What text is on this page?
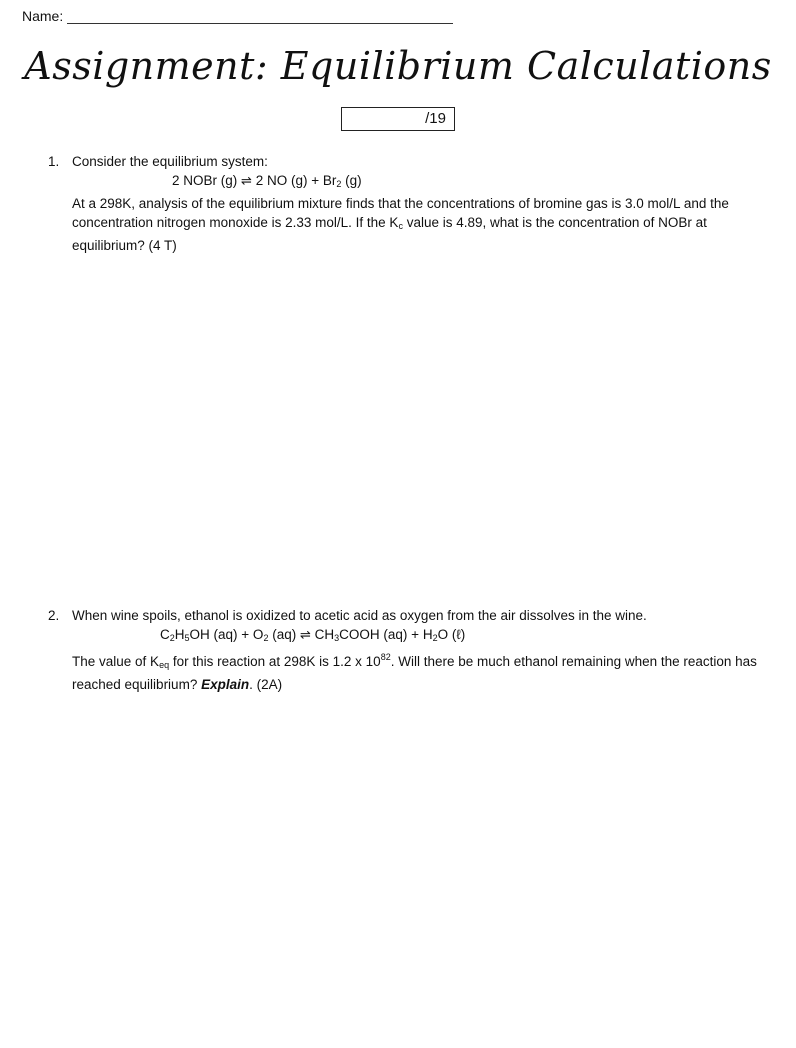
Name:
Assignment: Equilibrium Calculations
/19
1. Consider the equilibrium system:
2 NOBr (g) ⇌ 2 NO $(g) + Br_2$ (g)
At a 298K, analysis of the equilibrium mixture finds that the concentrations of bromine gas is 3.0 mol/L and the concentration nitrogen monoxide is 2.33 mol/L. If the $K_c$ value is 4.89, what is the concentration of NOBr at equilibrium? (4 T)
2. When wine spoils, ethanol is oxidized to acetic acid as oxygen from the air dissolves in the wine.
$C_2H_5OH$ $(aq) + O_2$ (aq) ⇌ $CH_3COOH$ $(aq) + H_2O$ (ℓ)
The value of $K_{eq}$ for this reaction at 298K is 1.2 x $10^{82}$. Will there be much ethanol remaining when the reaction has reached equilibrium? Explain. (2A)
